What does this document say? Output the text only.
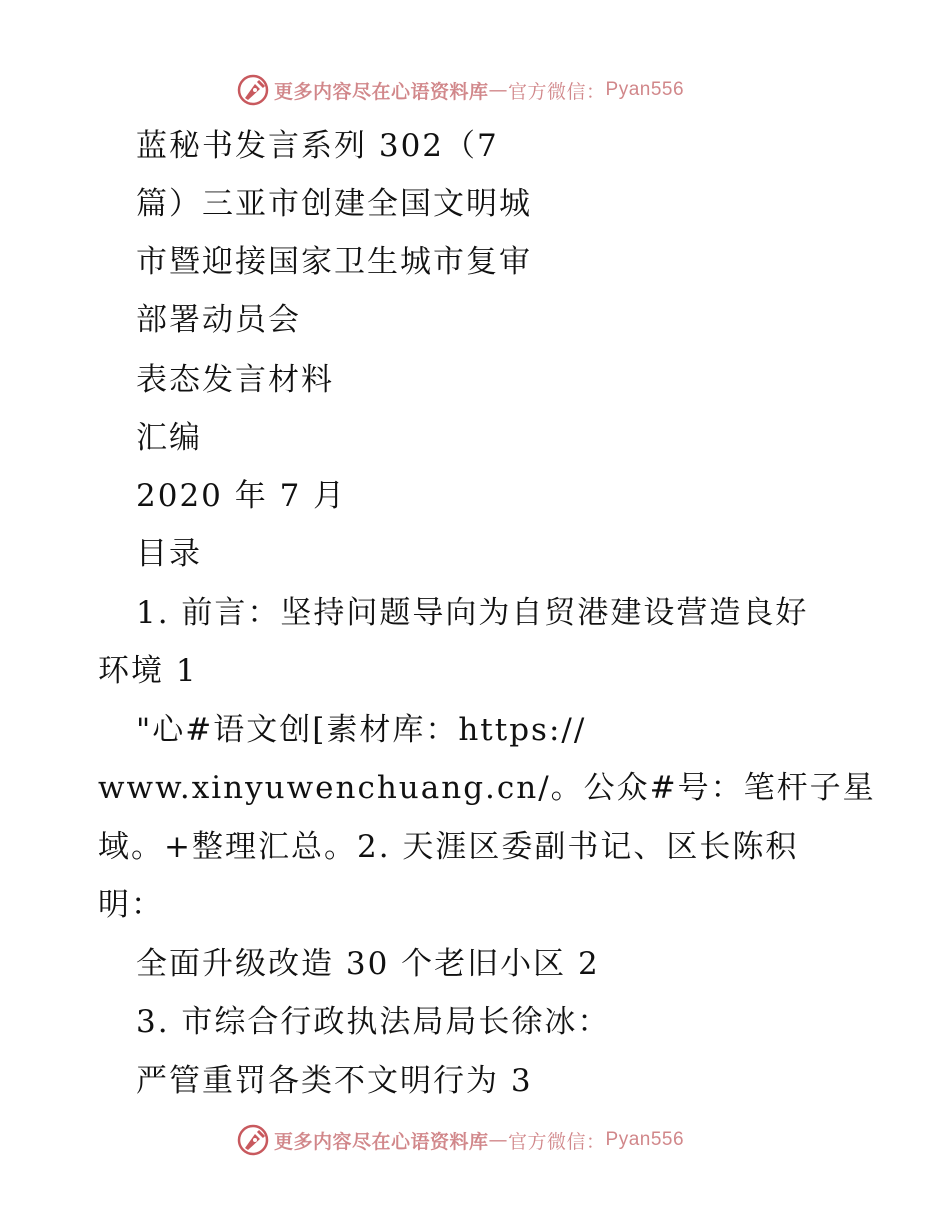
更多内容尽在心语资料库 — 官方微信： Pyan556
蓝秘书发言系列 302（7
篇）三亚市创建全国文明城
市暨迎接国家卫生城市复审
部署动员会
表态发言材料
汇编
2020 年 7 月
目录
1. 前言：坚持问题导向为自贸港建设营造良好
环境 1
"心#语文创[素材库：https://
www.xinyuwenchuang.cn/。公众#号：笔杆子星
域。+整理汇总。2. 天涯区委副书记、区长陈积
明：
全面升级改造 30 个老旧小区 2
3. 市综合行政执法局局长徐冰：
严管重罚各类不文明行为 3
更多内容尽在心语资料库 — 官方微信： Pyan556
